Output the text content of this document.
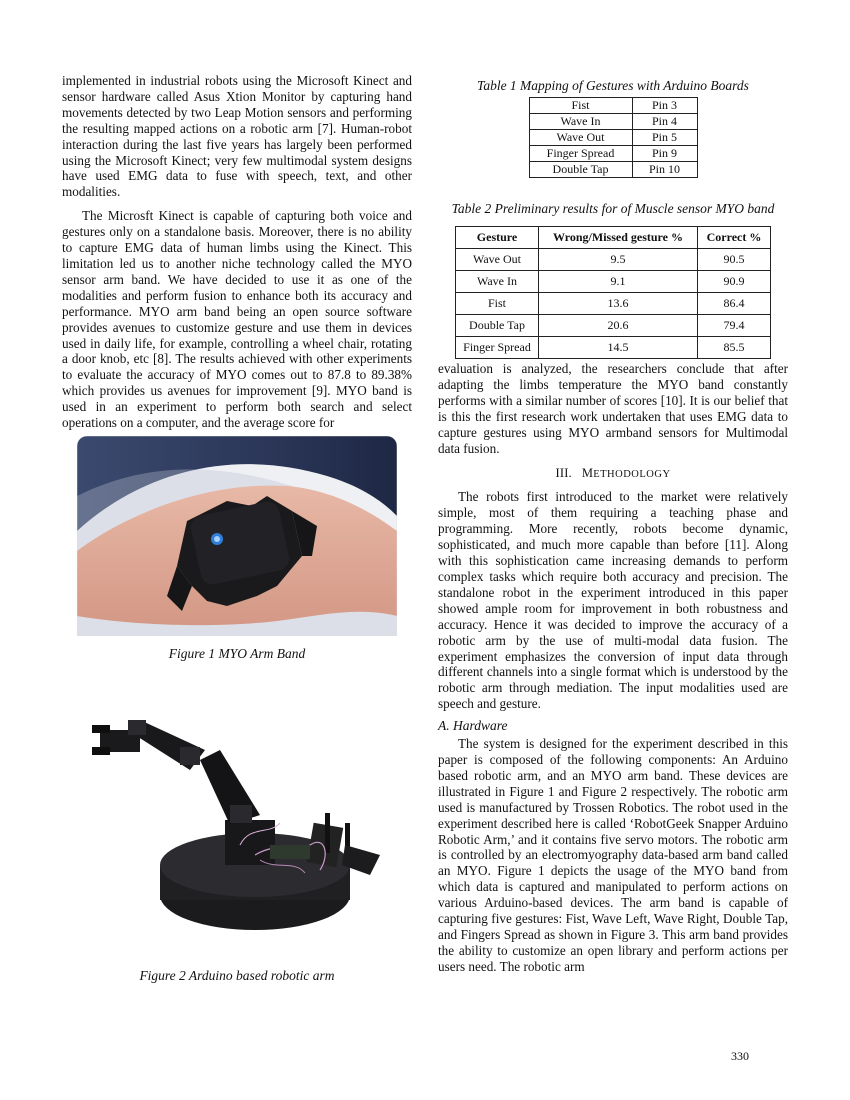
implemented in industrial robots using the Microsoft Kinect and sensor hardware called Asus Xtion Monitor by capturing hand movements detected by two Leap Motion sensors and performing the resulting mapped actions on a robotic arm [7]. Human-robot interaction during the last five years has largely been performed using the Microsoft Kinect; very few multimodal system designs have used EMG data to fuse with speech, text, and other modalities.

The Microsft Kinect is capable of capturing both voice and gestures only on a standalone basis. Moreover, there is no ability to capture EMG data of human limbs using the Kinect. This limitation led us to another niche technology called the MYO sensor arm band. We have decided to use it as one of the modalities and perform fusion to enhance both its accuracy and performance. MYO arm band being an open source software provides avenues to customize gesture and use them in devices used in daily life, for example, controlling a wheel chair, rotating a door knob, etc [8]. The results achieved with other experiments to evaluate the accuracy of MYO comes out to 87.8 to 89.38% which provides us avenues for improvement [9]. MYO band is used in an experiment to perform both search and select operations on a computer, and the average score for

Figure 1 MYO Arm Band
Figure 2 Arduino based robotic arm
Table 1 Mapping of Gestures with Arduino Boards
Fist	Pin 3
Wave In	Pin 4
Wave Out	Pin 5
Finger Spread	Pin 9
Double Tap	Pin 10
Table 2 Preliminary results for of Muscle sensor MYO band
Gesture	Wrong/Missed gesture %	Correct %
Wave Out	9.5	90.5
Wave In	9.1	90.9
Fist	13.6	86.4
Double Tap	20.6	79.4
Finger Spread	14.5	85.5

evaluation is analyzed, the researchers conclude that after adapting the limbs temperature the MYO band constantly performs with a similar number of scores [10]. It is our belief that is this the first research work undertaken that uses EMG data to capture gestures using MYO armband sensors for Multimodal data fusion.

III. METHODOLOGY

The robots first introduced to the market were relatively simple, most of them requiring a teaching phase and programming. More recently, robots become dynamic, sophisticated, and much more capable than before [11]. Along with this sophistication came increasing demands to perform complex tasks which require both accuracy and precision. The standalone robot in the experiment introduced in this paper showed ample room for improvement in both robustness and accuracy. Hence it was decided to improve the accuracy of a robotic arm by the use of multi-modal data fusion. The experiment emphasizes the conversion of input data through different channels into a single format which is understood by the robotic arm through mediation. The input modalities used are speech and gesture.

A. Hardware

The system is designed for the experiment described in this paper is composed of the following components: An Arduino based robotic arm, and an MYO arm band. These devices are illustrated in Figure 1 and Figure 2 respectively. The robotic arm used is manufactured by Trossen Robotics. The robot used in the experiment described here is called ‘RobotGeek Snapper Arduino Robotic Arm,’ and it contains five servo motors. The robotic arm is controlled by an electromyography data-based arm band called an MYO. Figure 1 depicts the usage of the MYO band from which data is captured and manipulated to perform actions on various Arduino-based devices. The arm band is capable of capturing five gestures: Fist, Wave Left, Wave Right, Double Tap, and Fingers Spread as shown in Figure 3. This arm band provides the ability to customize an open library and perform actions per users need. The robotic arm

330
